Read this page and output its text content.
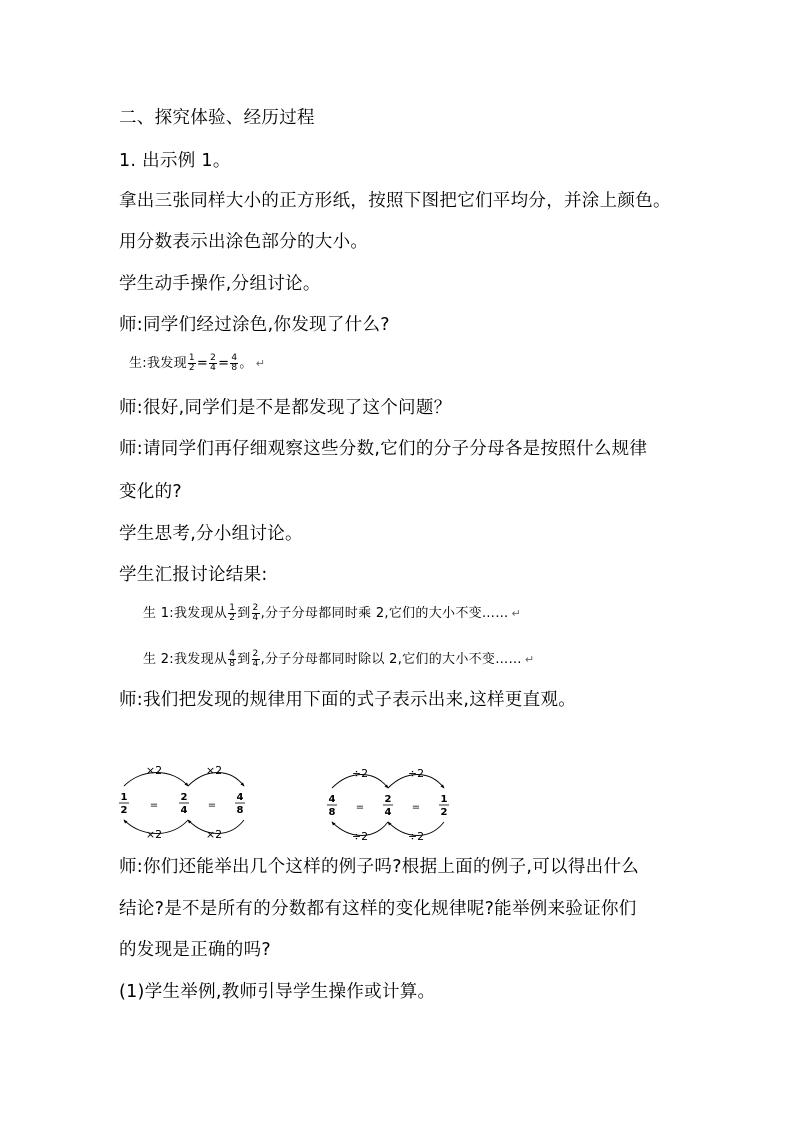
二、探究体验、经历过程
1. 出示例 1。
拿出三张同样大小的正方形纸，按照下图把它们平均分，并涂上颜色。
用分数表示出涂色部分的大小。
学生动手操作,分组讨论。
师:同学们经过涂色,你发现了什么?
生:我发现 $\frac{1}{2} = \frac{2}{4} = \frac{4}{8}$ 。 ↵
师:很好,同学们是不是都发现了这个问题？
师:请同学们再仔细观察这些分数,它们的分子分母各是按照什么规律
变化的?
学生思考,分小组讨论。
学生汇报讨论结果:
生 1:我发现从 $\frac{1}{2}$ 到 $\frac{2}{4}$ ,分子分母都同时乘 2,它们的大小不变…… ↵
生 2:我发现从 $\frac{4}{8}$ 到 $\frac{2}{4}$ ,分子分母都同时除以 2,它们的大小不变…… ↵
师:我们把发现的规律用下面的式子表示出来,这样更直观。
×2	×2
×2	×2
1
2 =
2
4 =
4
8
÷2	÷2
÷2	÷2
4
8 =
2
4 =
1
2
师:你们还能举出几个这样的例子吗?根据上面的例子,可以得出什么
结论?是不是所有的分数都有这样的变化规律呢?能举例来验证你们
的发现是正确的吗?
(1)学生举例,教师引导学生操作或计算。
